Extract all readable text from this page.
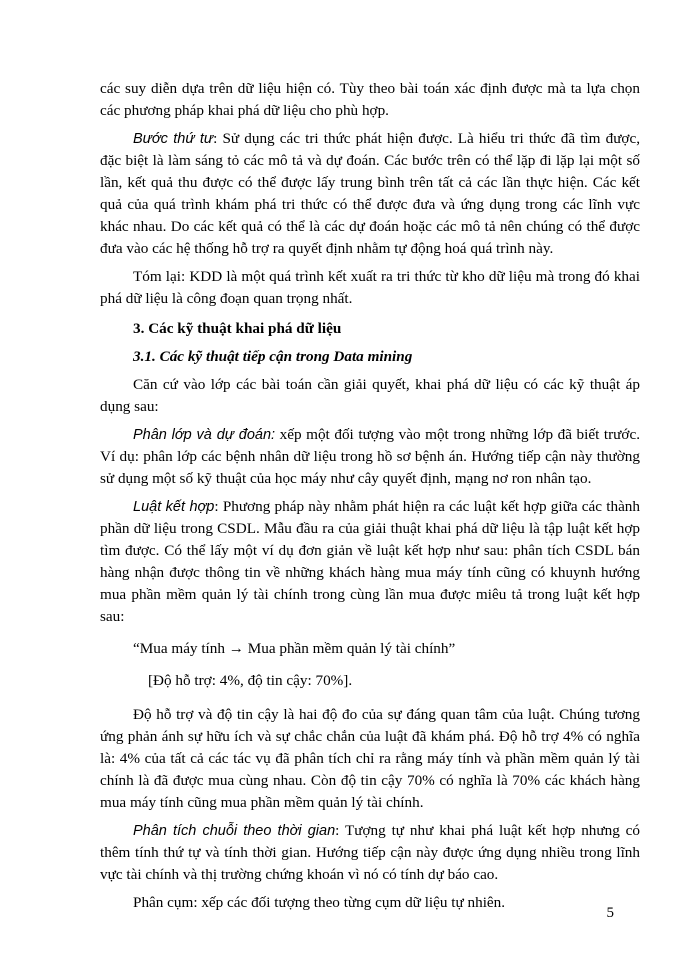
các suy diễn dựa trên dữ liệu hiện có. Tùy theo bài toán xác định được mà ta lựa chọn các phương pháp khai phá dữ liệu cho phù hợp.

Bước thứ tư: Sử dụng các tri thức phát hiện được. Là hiểu tri thức đã tìm được, đặc biệt là làm sáng tỏ các mô tả và dự đoán. Các bước trên có thể lặp đi lặp lại một số lần, kết quả thu được có thể được lấy trung bình trên tất cả các lần thực hiện. Các kết quả của quá trình khám phá tri thức có thể được đưa và ứng dụng trong các lĩnh vực khác nhau. Do các kết quả có thể là các dự đoán hoặc các mô tả nên chúng có thể được đưa vào các hệ thống hỗ trợ ra quyết định nhằm tự động hoá quá trình này.

Tóm lại: KDD là một quá trình kết xuất ra tri thức từ kho dữ liệu mà trong đó khai phá dữ liệu là công đoạn quan trọng nhất.

3. Các kỹ thuật khai phá dữ liệu

3.1. Các kỹ thuật tiếp cận trong Data mining

Căn cứ vào lớp các bài toán cần giải quyết, khai phá dữ liệu có các kỹ thuật áp dụng sau:

Phân lớp và dự đoán: xếp một đối tượng vào một trong những lớp đã biết trước. Ví dụ: phân lớp các bệnh nhân dữ liệu trong hồ sơ bệnh án. Hướng tiếp cận này thường sử dụng một số kỹ thuật của học máy như cây quyết định, mạng nơ ron nhân tạo.

Luật kết hợp: Phương pháp này nhằm phát hiện ra các luật kết hợp giữa các thành phần dữ liệu trong CSDL. Mẫu đầu ra của giải thuật khai phá dữ liệu là tập luật kết hợp tìm được. Có thể lấy một ví dụ đơn giản về luật kết hợp như sau: phân tích CSDL bán hàng nhận được thông tin về những khách hàng mua máy tính cũng có khuynh hướng mua phần mềm quản lý tài chính trong cùng lần mua được miêu tả trong luật kết hợp sau:

“Mua máy tính → Mua phần mềm quản lý tài chính”

[Độ hỗ trợ: 4%, độ tin cậy: 70%].

Độ hỗ trợ và độ tin cậy là hai độ đo của sự đáng quan tâm của luật. Chúng tương ứng phản ánh sự hữu ích và sự chắc chắn của luật đã khám phá. Độ hỗ trợ 4% có nghĩa là: 4% của tất cả các tác vụ đã phân tích chỉ ra rằng máy tính và phần mềm quản lý tài chính là đã được mua cùng nhau. Còn độ tin cậy 70% có nghĩa là 70% các khách hàng mua máy tính cũng mua phần mềm quản lý tài chính.

Phân tích chuỗi theo thời gian: Tượng tự như khai phá luật kết hợp nhưng có thêm tính thứ tự và tính thời gian. Hướng tiếp cận này được ứng dụng nhiều trong lĩnh vực tài chính và thị trường chứng khoán vì nó có tính dự báo cao.

Phân cụm: xếp các đối tượng theo từng cụm dữ liệu tự nhiên.

5
